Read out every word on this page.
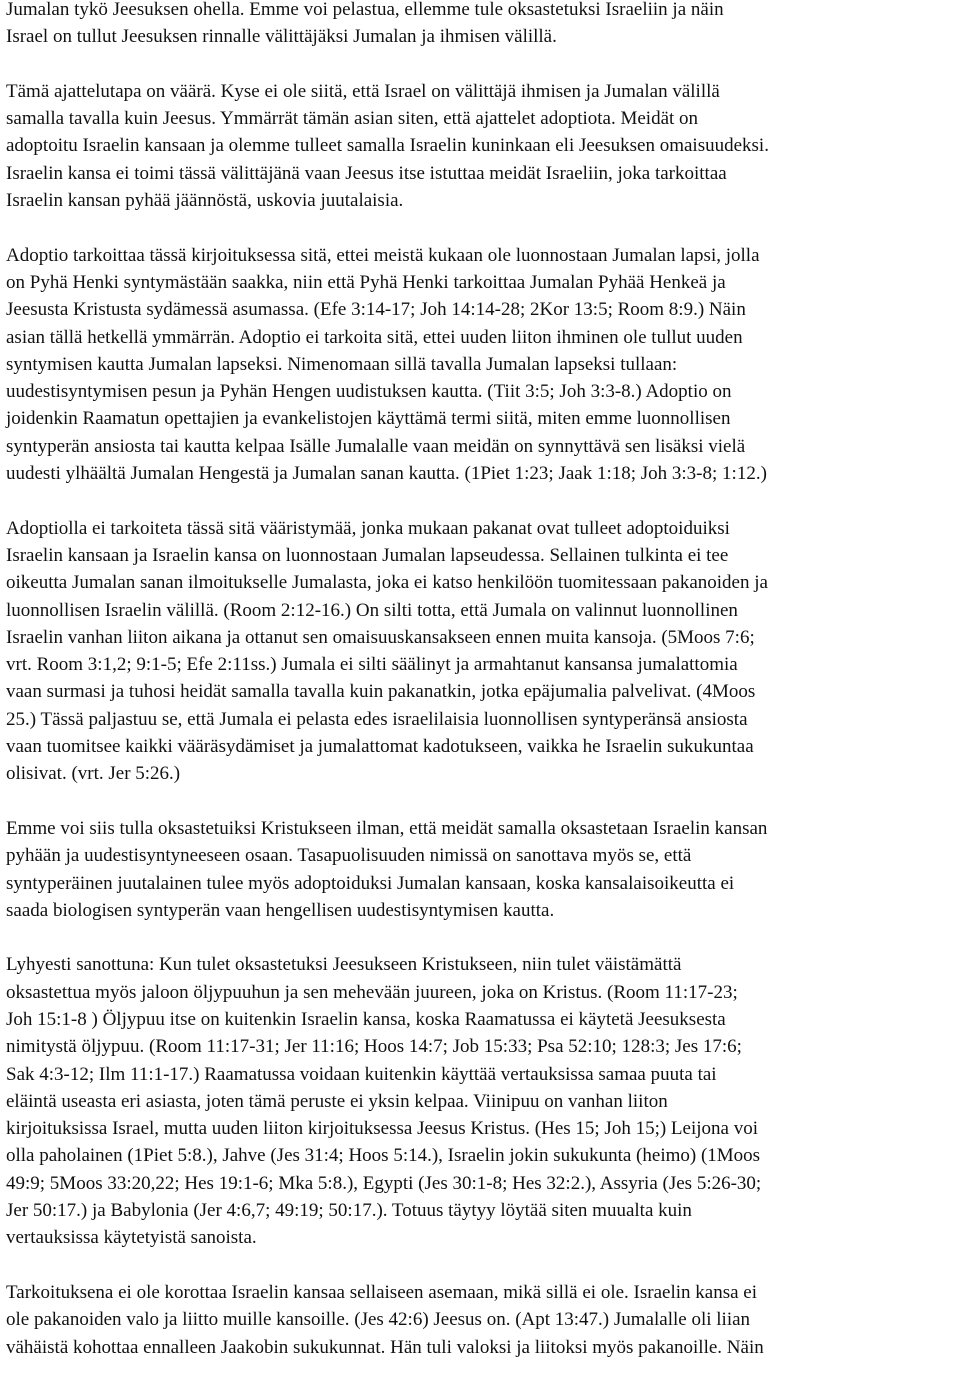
Jumalan tykö Jeesuksen ohella. Emme voi pelastua, ellemme tule oksastetuksi Israeliin ja näin
Israel on tullut Jeesuksen rinnalle välittäjäksi Jumalan ja ihmisen välillä.
Tämä ajattelutapa on väärä. Kyse ei ole siitä, että Israel on välittäjä ihmisen ja Jumalan välillä
samalla tavalla kuin Jeesus. Ymmärrät tämän asian siten, että ajattelet adoptiota. Meidät on
adoptoitu Israelin kansaan ja olemme tulleet samalla Israelin kuninkaan eli Jeesuksen omaisuudeksi.
Israelin kansa ei toimi tässä välittäjänä vaan Jeesus itse istuttaa meidät Israeliin, joka tarkoittaa
Israelin kansan pyhää jäännöstä, uskovia juutalaisia.
Adoptio tarkoittaa tässä kirjoituksessa sitä, ettei meistä kukaan ole luonnostaan Jumalan lapsi, jolla
on Pyhä Henki syntymästään saakka, niin että Pyhä Henki tarkoittaa Jumalan Pyhää Henkeä ja
Jeesusta Kristusta sydämessä asumassa. (Efe 3:14-17; Joh 14:14-28; 2Kor 13:5; Room 8:9.) Näin
asian tällä hetkellä ymmärrän. Adoptio ei tarkoita sitä, ettei uuden liiton ihminen ole tullut uuden
syntymisen kautta Jumalan lapseksi. Nimenomaan sillä tavalla Jumalan lapseksi tullaan:
uudestisyntymisen pesun ja Pyhän Hengen uudistuksen kautta. (Tiit 3:5; Joh 3:3-8.) Adoptio on
joidenkin Raamatun opettajien ja evankelistojen käyttämä termi siitä, miten emme luonnollisen
syntyperän ansiosta tai kautta kelpaa Isälle Jumalalle vaan meidän on synnyttävä sen lisäksi vielä
uudesti ylhäältä Jumalan Hengestä ja Jumalan sanan kautta. (1Piet 1:23; Jaak 1:18; Joh 3:3-8; 1:12.)
Adoptiolla ei tarkoiteta tässä sitä vääristymää, jonka mukaan pakanat ovat tulleet adoptoiduiksi
Israelin kansaan ja Israelin kansa on luonnostaan Jumalan lapseudessa. Sellainen tulkinta ei tee
oikeutta Jumalan sanan ilmoitukselle Jumalasta, joka ei katso henkilöön tuomitessaan pakanoiden ja
luonnollisen Israelin välillä. (Room 2:12-16.) On silti totta, että Jumala on valinnut luonnollinen
Israelin vanhan liiton aikana ja ottanut sen omaisuuskansakseen ennen muita kansoja. (5Moos 7:6;
vrt. Room 3:1,2; 9:1-5; Efe 2:11ss.) Jumala ei silti säälinyt ja armahtanut kansansa jumalattomia
vaan surmasi ja tuhosi heidät samalla tavalla kuin pakanatkin, jotka epäjumalia palvelivat. (4Moos
25.) Tässä paljastuu se, että Jumala ei pelasta edes israelilaisia luonnollisen syntyperänsä ansiosta
vaan tuomitsee kaikki vääräsydämiset ja jumalattomat kadotukseen, vaikka he Israelin sukukuntaa
olisivat. (vrt. Jer 5:26.)
Emme voi siis tulla oksastetuiksi Kristukseen ilman, että meidät samalla oksastetaan Israelin kansan
pyhään ja uudestisyntyneeseen osaan. Tasapuolisuuden nimissä on sanottava myös se, että
syntyperäinen juutalainen tulee myös adoptoiduksi Jumalan kansaan, koska kansalaisoikeutta ei
saada biologisen syntyperän vaan hengellisen uudestisyntymisen kautta.
Lyhyesti sanottuna: Kun tulet oksastetuksi Jeesukseen Kristukseen, niin tulet väistämättä
oksastettua myös jaloon öljypuuhun ja sen mehevään juureen, joka on Kristus. (Room 11:17-23;
Joh 15:1-8 ) Öljypuu itse on kuitenkin Israelin kansa, koska Raamatussa ei käytetä Jeesuksesta
nimitystä öljypuu. (Room 11:17-31; Jer 11:16; Hoos 14:7; Job 15:33; Psa 52:10; 128:3; Jes 17:6;
Sak 4:3-12; Ilm 11:1-17.) Raamatussa voidaan kuitenkin käyttää vertauksissa samaa puuta tai
eläintä useasta eri asiasta, joten tämä peruste ei yksin kelpaa. Viinipuu on vanhan liiton
kirjoituksissa Israel, mutta uuden liiton kirjoituksessa Jeesus Kristus. (Hes 15; Joh 15;) Leijona voi
olla paholainen (1Piet 5:8.), Jahve (Jes 31:4; Hoos 5:14.), Israelin jokin sukukunta (heimo) (1Moos
49:9; 5Moos 33:20,22; Hes 19:1-6; Mka 5:8.), Egypti (Jes 30:1-8; Hes 32:2.), Assyria (Jes 5:26-30;
Jer 50:17.) ja Babylonia (Jer 4:6,7; 49:19; 50:17.). Totuus täytyy löytää siten muualta kuin
vertauksissa käytetyistä sanoista.
Tarkoituksena ei ole korottaa Israelin kansaa sellaiseen asemaan, mikä sillä ei ole. Israelin kansa ei
ole pakanoiden valo ja liitto muille kansoille. (Jes 42:6) Jeesus on. (Apt 13:47.) Jumalalle oli liian
vähäistä kohottaa ennalleen Jaakobin sukukunnat. Hän tuli valoksi ja liitoksi myös pakanoille. Näin
